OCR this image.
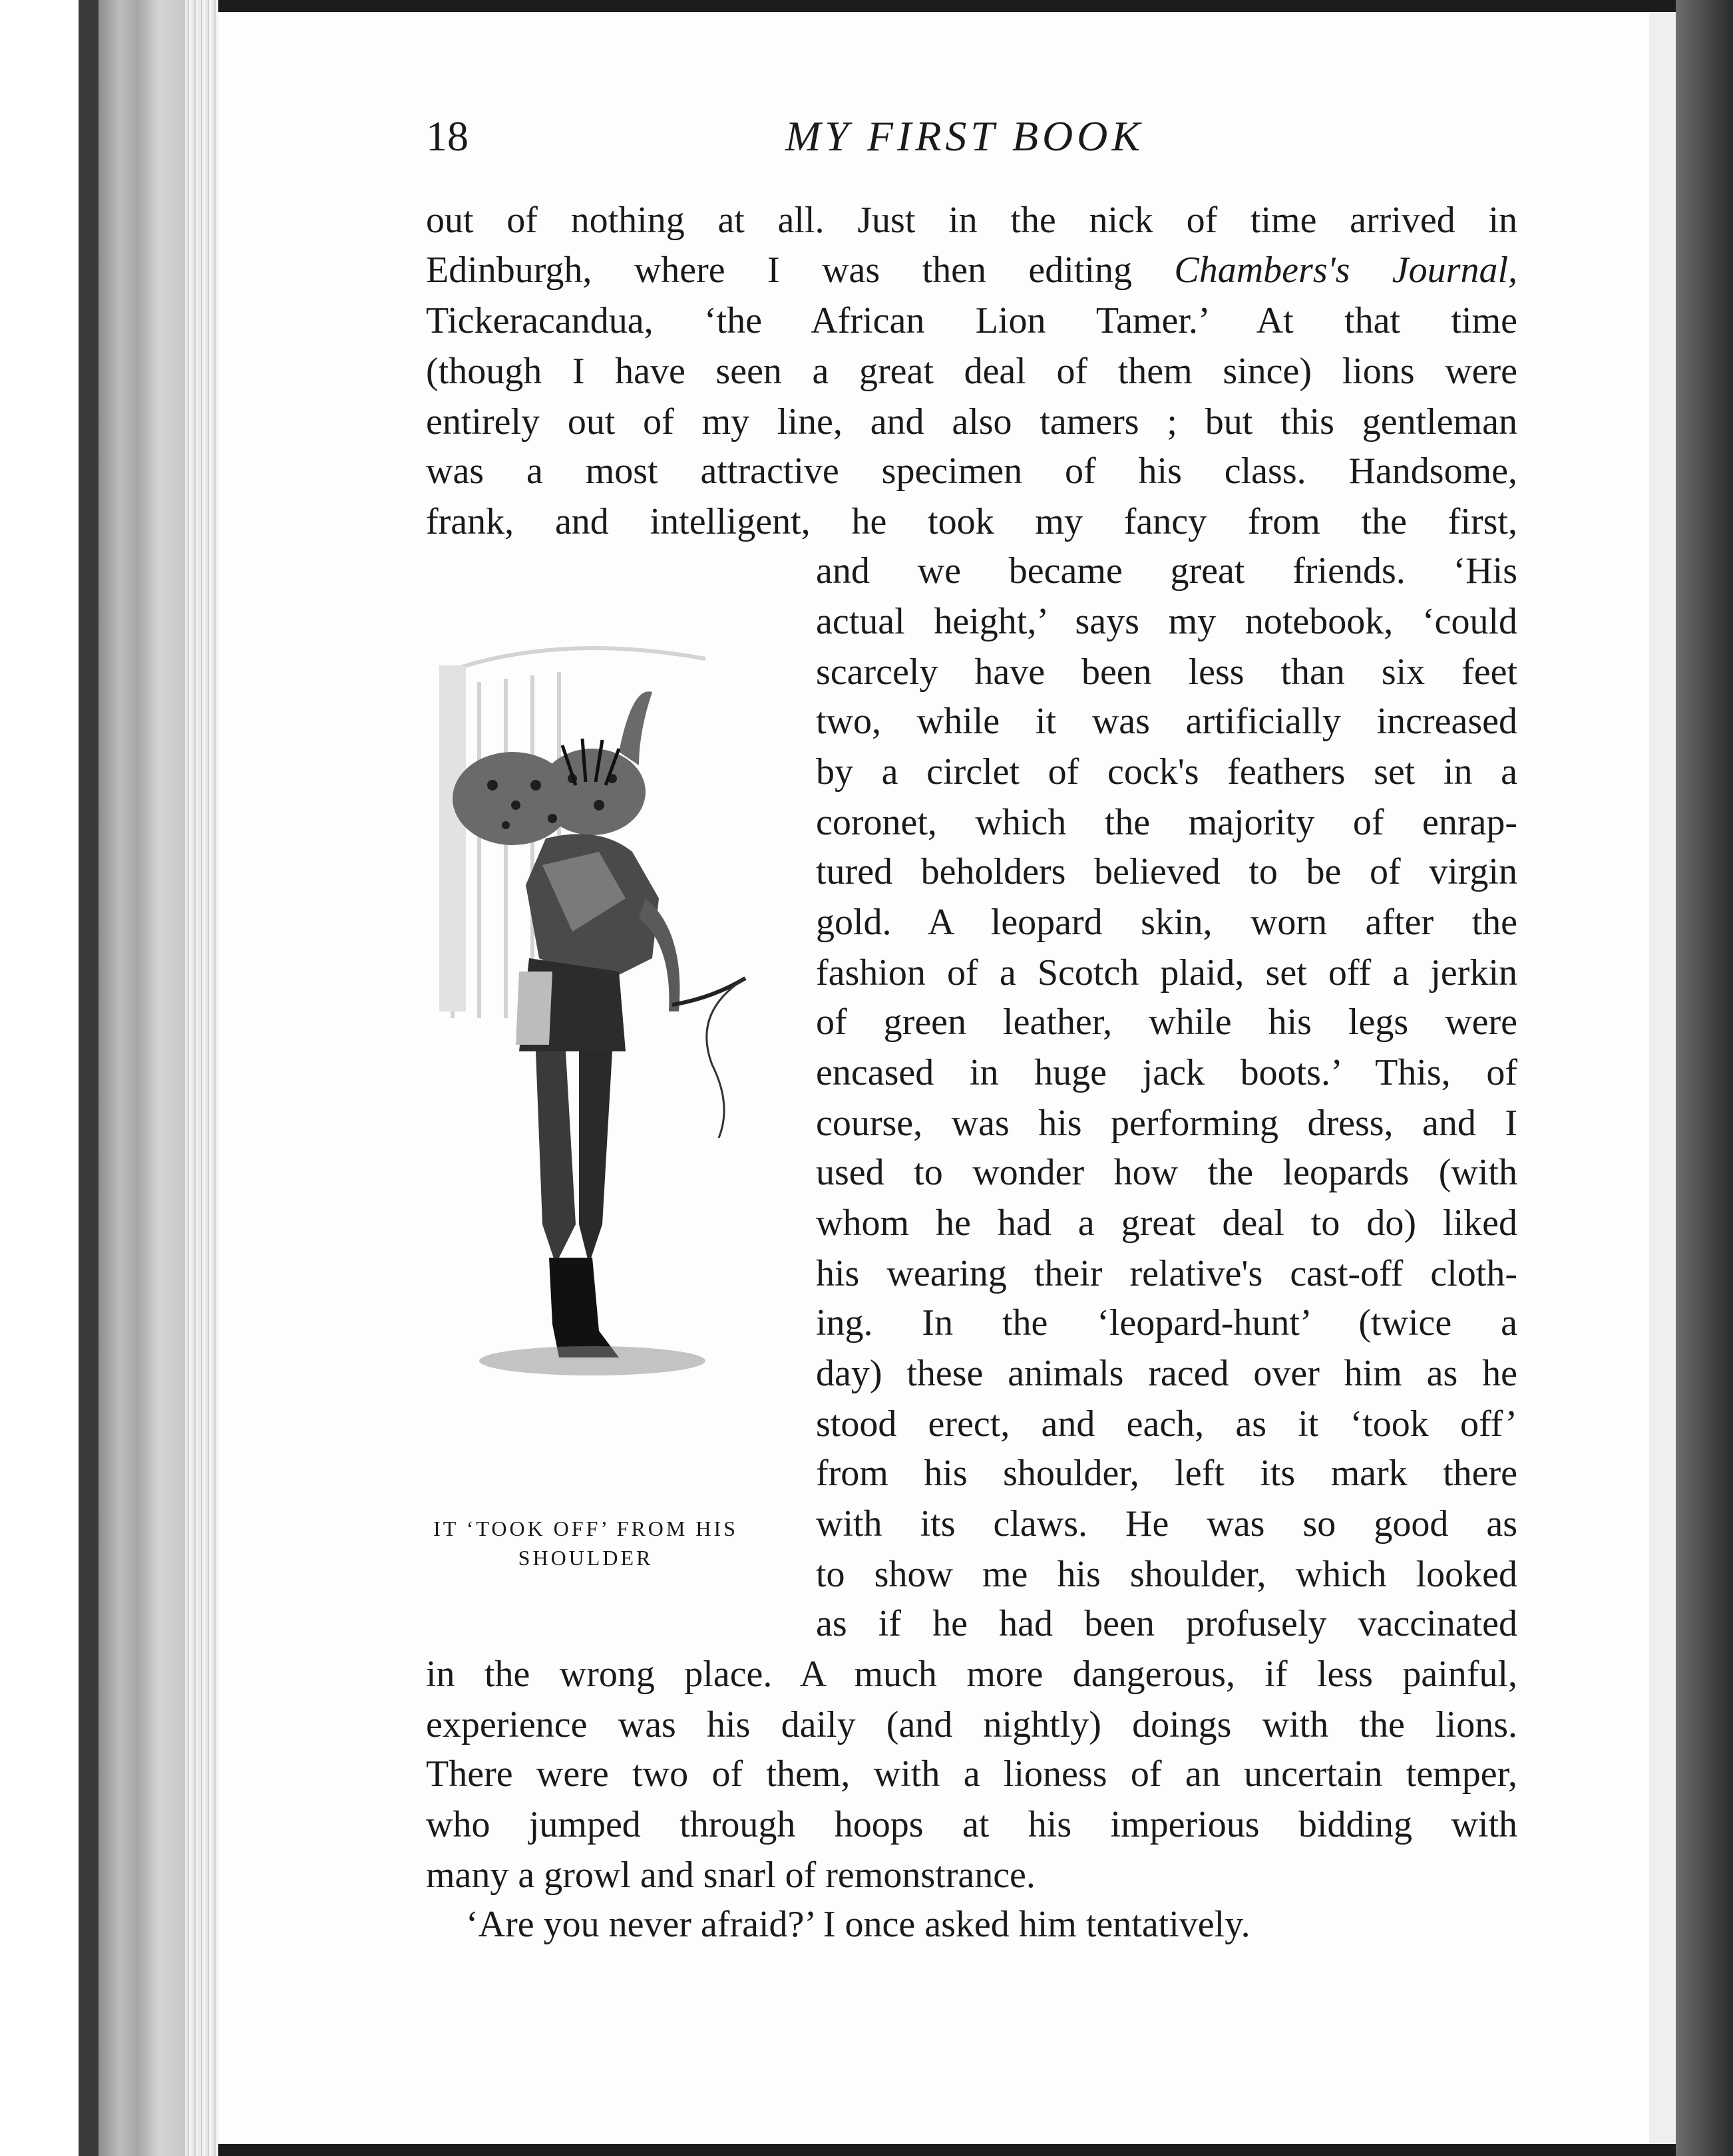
18	MY FIRST BOOK
out of nothing at all. Just in the nick of time arrived in
Edinburgh, where I was then editing Chambers's Journal,
Tickeracandua, ‘the African Lion Tamer.’ At that time
(though I have seen a great deal of them since) lions were
entirely out of my line, and also tamers ; but this gentleman
was a most attractive specimen of his class. Handsome,
frank, and intelligent, he took my fancy from the first,
and we became great friends. ‘His
actual height,’ says my notebook, ‘could
scarcely have been less than six feet
two, while it was artificially increased
by a circlet of cock's feathers set in a
coronet, which the majority of enrap-
tured beholders believed to be of virgin
gold. A leopard skin, worn after the
fashion of a Scotch plaid, set off a jerkin
of green leather, while his legs were
encased in huge jack boots.’ This, of
course, was his performing dress, and I
used to wonder how the leopards (with
whom he had a great deal to do) liked
his wearing their relative's cast-off cloth-
ing. In the ‘leopard-hunt’ (twice a
day) these animals raced over him as he
stood erect, and each, as it ‘took off’
from his shoulder, left its mark there
with its claws. He was so good as
to show me his shoulder, which looked
as if he had been profusely vaccinated
in the wrong place. A much more dangerous, if less painful,
experience was his daily (and nightly) doings with the lions.
There were two of them, with a lioness of an uncertain temper,
who jumped through hoops at his imperious bidding with
many a growl and snarl of remonstrance.
‘Are you never afraid?’ I once asked him tentatively.
IT ‘TOOK OFF’ FROM HIS
SHOULDER
